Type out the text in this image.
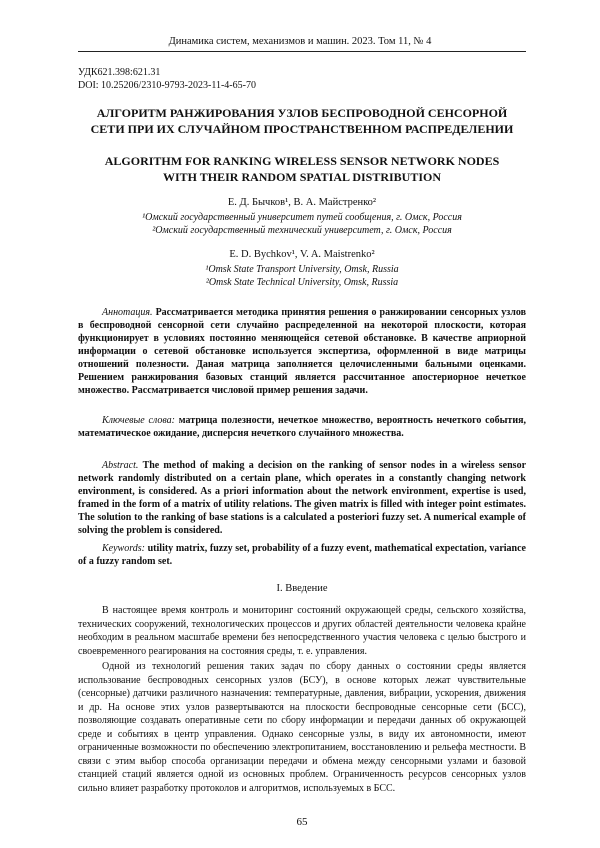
Динамика систем, механизмов и машин. 2023. Том 11, № 4
УДК621.398:621.31
DOI: 10.25206/2310-9793-2023-11-4-65-70
АЛГОРИТМ РАНЖИРОВАНИЯ УЗЛОВ БЕСПРОВОДНОЙ СЕНСОРНОЙ СЕТИ ПРИ ИХ СЛУЧАЙНОМ ПРОСТРАНСТВЕННОМ РАСПРЕДЕЛЕНИИ
ALGORITHM FOR RANKING WIRELESS SENSOR NETWORK NODES WITH THEIR RANDOM SPATIAL DISTRIBUTION
Е. Д. Бычков¹, В. А. Майстренко²
¹Омский государственный университет путей сообщения, г. Омск, Россия
²Омский государственный технический университет, г. Омск, Россия
E. D. Bychkov¹, V. A. Maistrenko²
¹Omsk State Transport University, Omsk, Russia
²Omsk State Technical University, Omsk, Russia
Аннотация. Рассматривается методика принятия решения о ранжировании сенсорных узлов в беспроводной сенсорной сети случайно распределенной на некоторой плоскости, которая функционирует в условиях постоянно меняющейся сетевой обстановке. В качестве априорной информации о сетевой обстановке используется экспертиза, оформленной в виде матрицы отношений полезности. Даная матрица заполняется целочисленными бальными оценками. Решением ранжирования базовых станций является рассчитанное апостериорное нечеткое множество. Рассматривается числовой пример решения задачи.
Ключевые слова: матрица полезности, нечеткое множество, вероятность нечеткого события, математическое ожидание, дисперсия нечеткого случайного множества.
Abstract. The method of making a decision on the ranking of sensor nodes in a wireless sensor network randomly distributed on a certain plane, which operates in a constantly changing network environment, is considered. As a priori information about the network environment, expertise is used, framed in the form of a matrix of utility relations. The given matrix is filled with integer point estimates. The solution to the ranking of base stations is a calculated a posteriori fuzzy set. A numerical example of solving the problem is considered.
Keywords: utility matrix, fuzzy set, probability of a fuzzy event, mathematical expectation, variance of a fuzzy random set.
I. Введение
В настоящее время контроль и мониторинг состояний окружающей среды, сельского хозяйства, технических сооружений, технологических процессов и других областей деятельности человека крайне необходим в реальном масштабе времени без непосредственного участия человека с целью быстрого и своевременного реагирования на состояния среды, т. е. управления.
Одной из технологий решения таких задач по сбору данных о состоянии среды является использование беспроводных сенсорных узлов (БСУ), в основе которых лежат чувствительные (сенсорные) датчики различного назначения: температурные, давления, вибрации, ускорения, движения и др. На основе этих узлов развертываются на плоскости беспроводные сенсорные сети (БСС), позволяющие создавать оперативные сети по сбору информации и передачи данных об окружающей среде и событиях в центр управления. Однако сенсорные узлы, в виду их автономности, имеют ограниченные возможности по обеспечению электропитанием, восстановлению и рельефа местности. В связи с этим выбор способа организации передачи и обмена между сенсорными узлами и базовой станцией стаций является одной из основных проблем. Ограниченность ресурсов сенсорных узлов сильно влияет разработку протоколов и алгоритмов, используемых в БСС.
65
